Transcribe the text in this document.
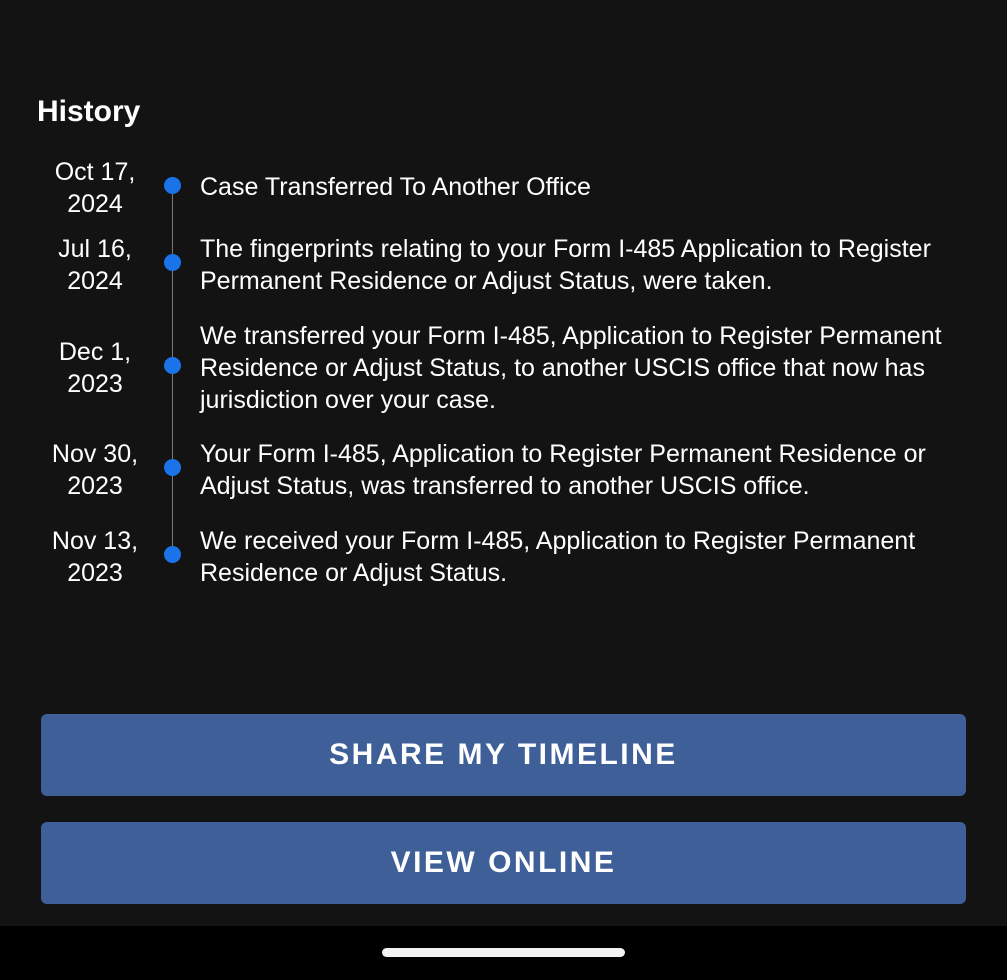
History
Oct 17,
2024
Case Transferred To Another Office
Jul 16,
2024
The fingerprints relating to your Form I-485 Application to Register Permanent Residence or Adjust Status, were taken.
Dec 1,
2023
We transferred your Form I-485, Application to Register Permanent Residence or Adjust Status, to another USCIS office that now has jurisdiction over your case.
Nov 30,
2023
Your Form I-485, Application to Register Permanent Residence or Adjust Status, was transferred to another USCIS office.
Nov 13,
2023
We received your Form I-485, Application to Register Permanent Residence or Adjust Status.
SHARE MY TIMELINE
VIEW ONLINE
